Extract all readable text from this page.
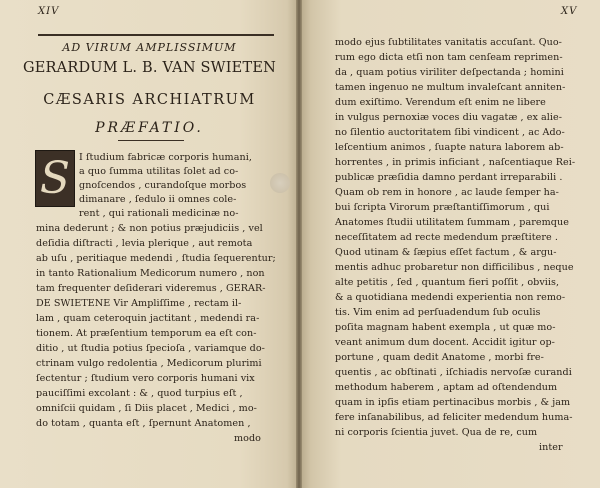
XIV
AD VIRUM AMPLISSIMUM
GERARDUM L. B. VAN SWIETEN
CÆSARIS ARCHIATRUM
PRÆFATIO.
S I ſtudium fabricæ corporis humani,
a quo ſumma utilitas ſolet ad co-
gnoſcendos , curandoſque morbos
dimanare , ſedulo ii omnes cole-
rent , qui rationali medicinæ no-
mina dederunt ; & non potius præjudiciis , vel
deſidia diſtracti , levia plerique , aut remota
ab uſu , peritiaque medendi , ſtudia ſequerentur;
in tanto Rationalium Medicorum numero , non
tam frequenter deſiderari videremus , GERAR-
DE SWIETENE Vir Ampliſſime , rectam il-
lam , quam ceteroquin jactitant , medendi ra-
tionem. At præſentium temporum ea eſt con-
ditio , ut ſtudia potius ſpecioſa , variamque do-
ctrinam vulgo redolentia , Medicorum plurimi
ſectentur ; ſtudium vero corporis humani vix
pauciſſimi excolant : & , quod turpius eſt ,
omniſcii quidam , ſi Diis placet , Medici , mo-
do totam , quanta eſt , ſpernunt Anatomen ,
modo
XV
modo ejus ſubtilitates vanitatis accuſant. Quo-
rum ego dicta etſi non tam cenſeam reprimen-
da , quam potius viriliter deſpectanda ; homini
tamen ingenuo ne multum invaleſcant anniten-
dum exiſtimo. Verendum eſt enim ne libere
in vulgus pernoxiæ voces diu vagatæ , ex alie-
no ſilentio auctoritatem ſibi vindicent , ac Ado-
leſcentium animos , ſuapte natura laborem ab-
horrentes , in primis inficiant , naſcentiaque Rei-
publicæ præſidia damno perdant irreparabili .
Quam ob rem in honore , ac laude ſemper ha-
bui ſcripta Virorum præſtantiſſimorum , qui
Anatomes ſtudii utilitatem ſummam , paremque
neceſſitatem ad recte medendum præſtitere .
Quod utinam & ſæpius eſſet factum , & argu-
mentis adhuc probaretur non difficilibus , neque
alte petitis , ſed , quantum fieri poſſit , obviis,
& a quotidiana medendi experientia non remo-
tis. Vim enim ad perſuadendum ſub oculis
poſita magnam habent exempla , ut quæ mo-
veant animum dum docent. Accidit igitur op-
portune , quam dedit Anatome , morbi fre-
quentis , ac obſtinati , iſchiadis nervoſæ curandi
methodum haberem , aptam ad oſtendendum
quam in ipſis etiam pertinacibus morbis , & jam
fere inſanabilibus, ad feliciter medendum huma-
ni corporis ſcientia juvet. Qua de re, cum
inter
